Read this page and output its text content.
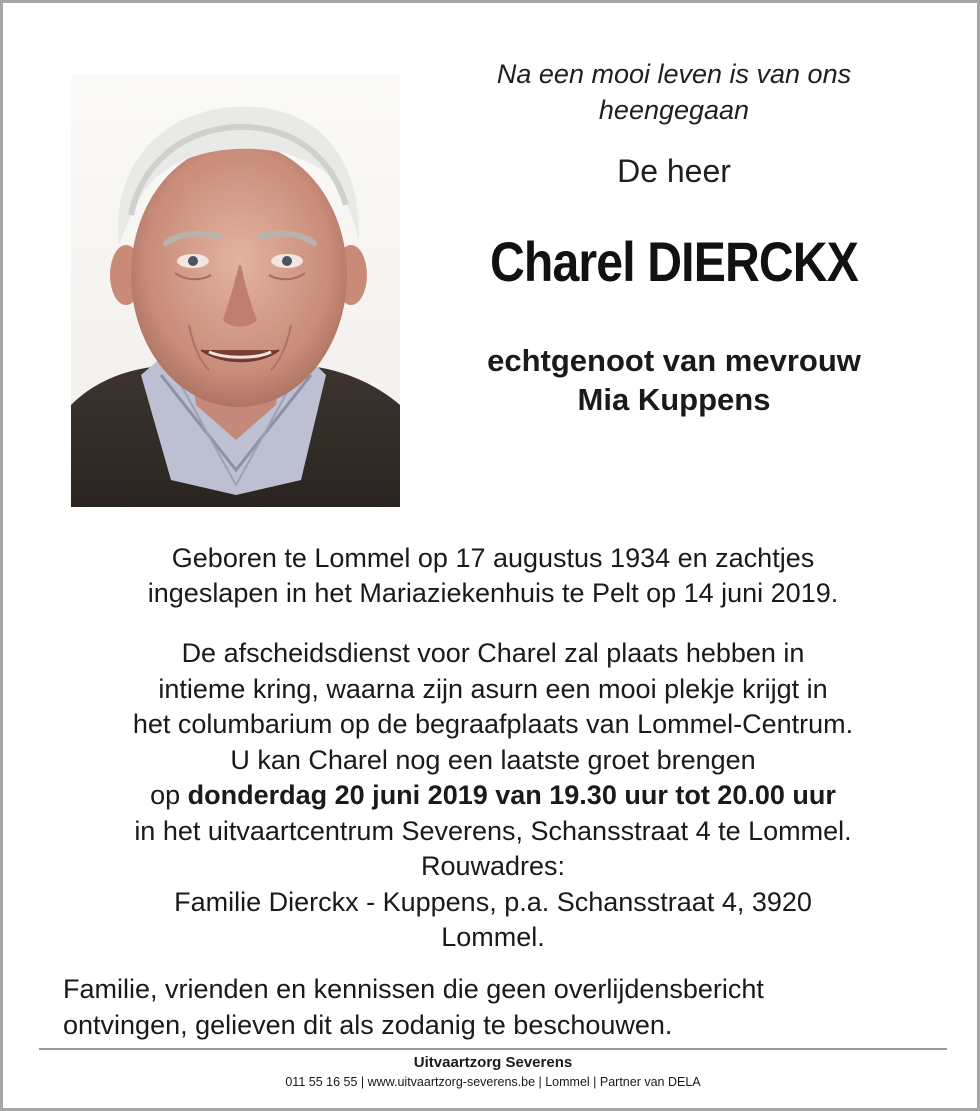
Na een mooi leven is van ons
heengegaan
De heer
Charel DIERCKX
echtgenoot van mevrouw
Mia Kuppens
Geboren te Lommel op 17 augustus 1934 en zachtjes
ingeslapen in het Mariaziekenhuis te Pelt op 14 juni 2019.
De afscheidsdienst voor Charel zal plaats hebben in
intieme kring, waarna zijn asurn een mooi plekje krijgt in
het columbarium op de begraafplaats van Lommel-Centrum.
U kan Charel nog een laatste groet brengen
op donderdag 20 juni 2019 van 19.30 uur tot 20.00 uur
in het uitvaartcentrum Severens, Schansstraat 4 te Lommel.
Rouwadres:
Familie Dierckx - Kuppens, p.a. Schansstraat 4, 3920
Lommel.
Familie, vrienden en kennissen die geen overlijdensbericht
ontvingen, gelieven dit als zodanig te beschouwen.
Uitvaartzorg Severens
011 55 16 55 | www.uitvaartzorg-severens.be | Lommel | Partner van DELA
